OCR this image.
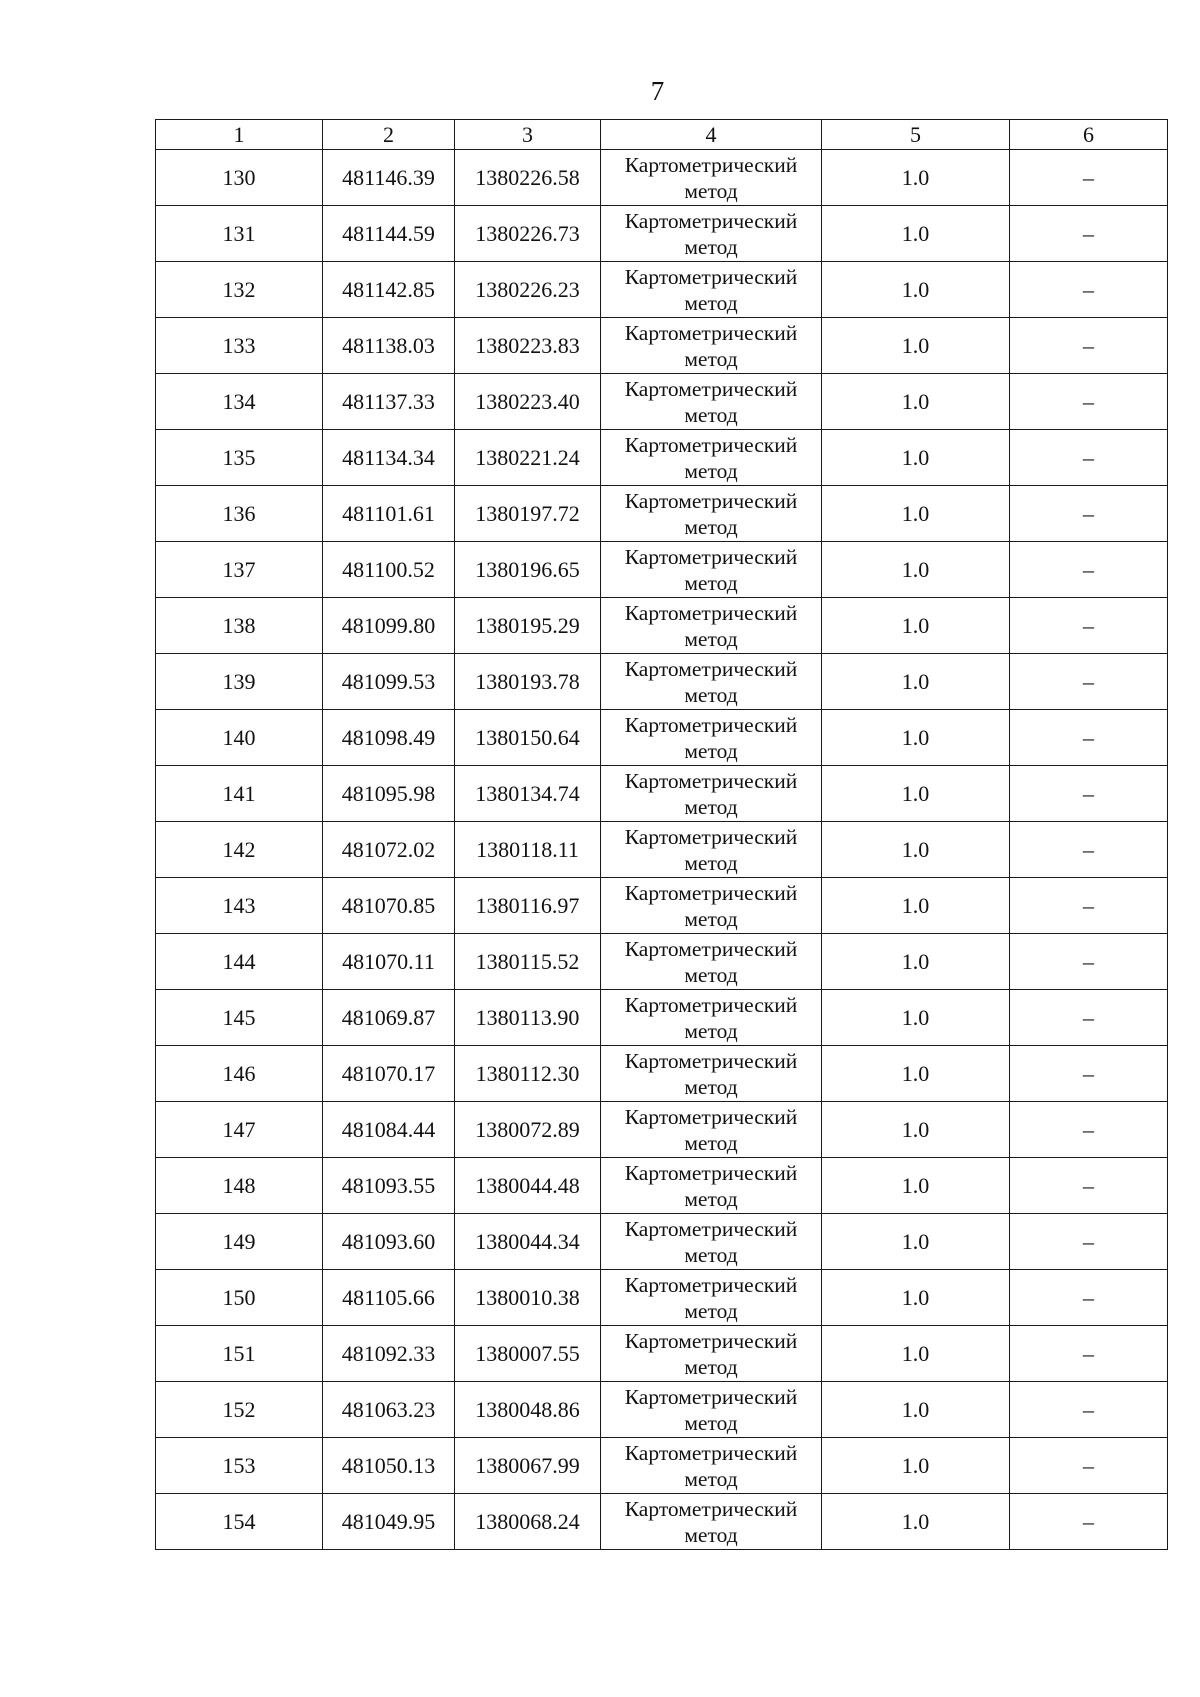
7
1	2	3	4	5	6
130	481146.39	1380226.58	Картометрический метод	1.0	–
131	481144.59	1380226.73	Картометрический метод	1.0	–
132	481142.85	1380226.23	Картометрический метод	1.0	–
133	481138.03	1380223.83	Картометрический метод	1.0	–
134	481137.33	1380223.40	Картометрический метод	1.0	–
135	481134.34	1380221.24	Картометрический метод	1.0	–
136	481101.61	1380197.72	Картометрический метод	1.0	–
137	481100.52	1380196.65	Картометрический метод	1.0	–
138	481099.80	1380195.29	Картометрический метод	1.0	–
139	481099.53	1380193.78	Картометрический метод	1.0	–
140	481098.49	1380150.64	Картометрический метод	1.0	–
141	481095.98	1380134.74	Картометрический метод	1.0	–
142	481072.02	1380118.11	Картометрический метод	1.0	–
143	481070.85	1380116.97	Картометрический метод	1.0	–
144	481070.11	1380115.52	Картометрический метод	1.0	–
145	481069.87	1380113.90	Картометрический метод	1.0	–
146	481070.17	1380112.30	Картометрический метод	1.0	–
147	481084.44	1380072.89	Картометрический метод	1.0	–
148	481093.55	1380044.48	Картометрический метод	1.0	–
149	481093.60	1380044.34	Картометрический метод	1.0	–
150	481105.66	1380010.38	Картометрический метод	1.0	–
151	481092.33	1380007.55	Картометрический метод	1.0	–
152	481063.23	1380048.86	Картометрический метод	1.0	–
153	481050.13	1380067.99	Картометрический метод	1.0	–
154	481049.95	1380068.24	Картометрический метод	1.0	–
